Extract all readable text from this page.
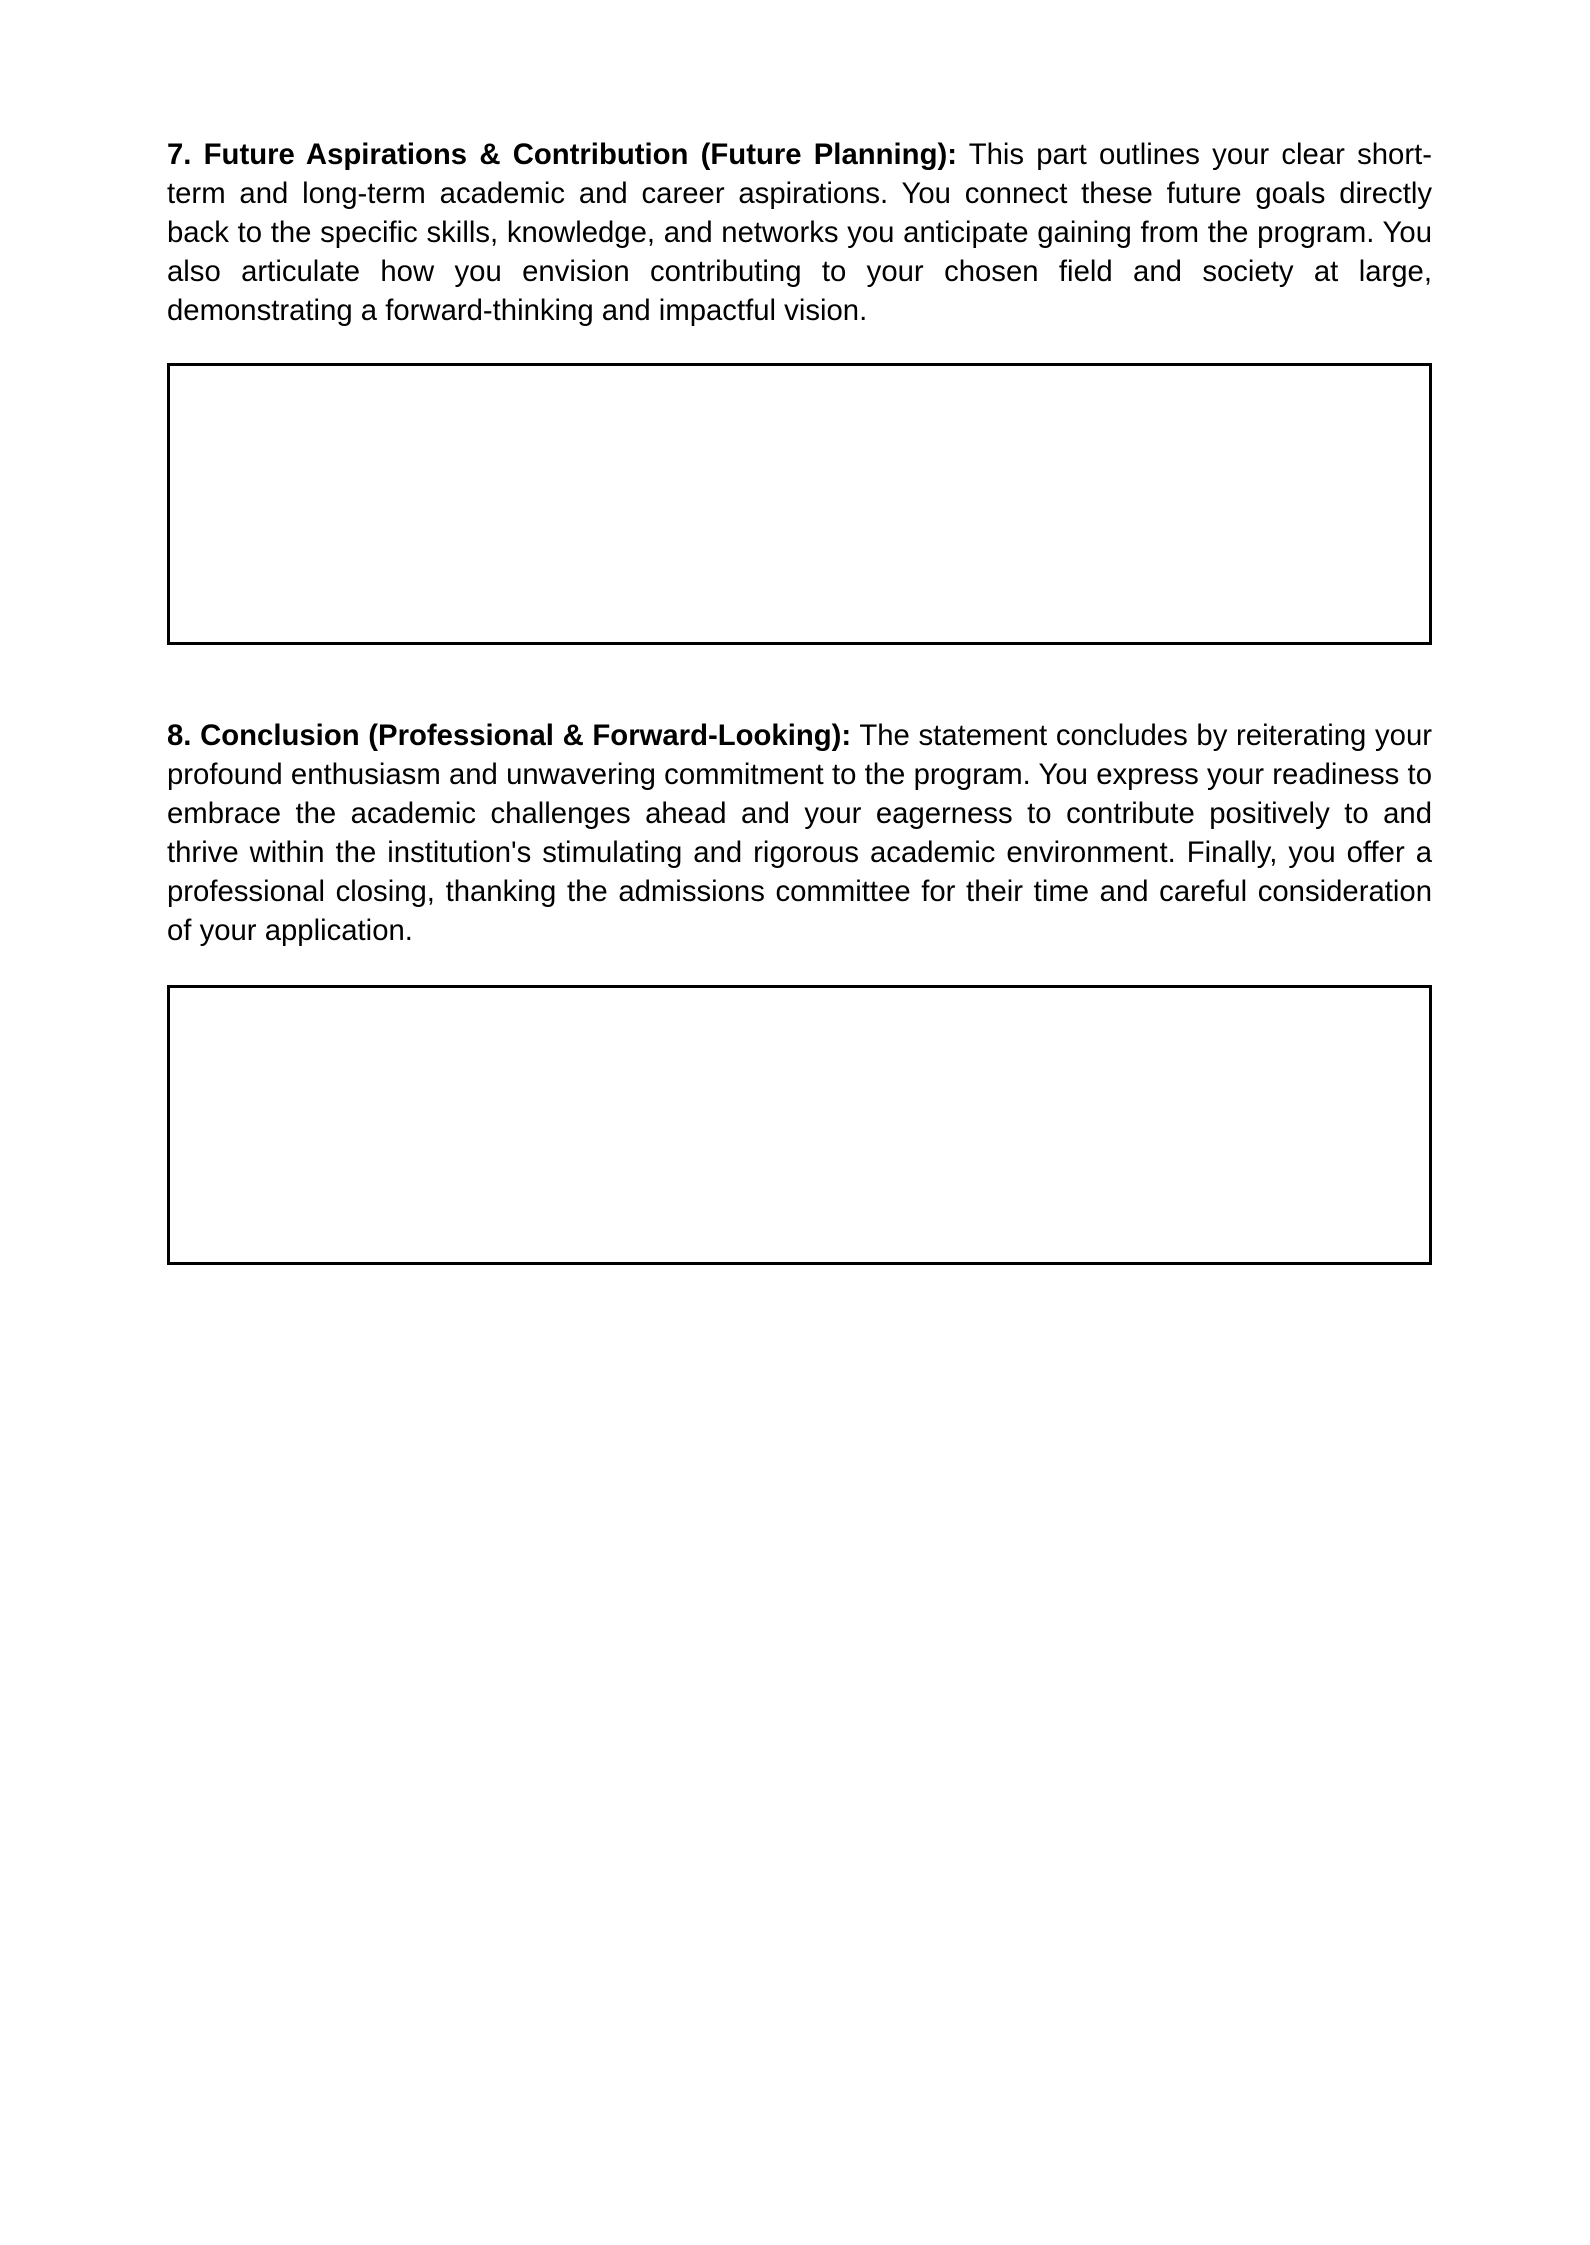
7. Future Aspirations & Contribution (Future Planning): This part outlines your clear short-term and long-term academic and career aspirations. You connect these future goals directly back to the specific skills, knowledge, and networks you anticipate gaining from the program. You also articulate how you envision contributing to your chosen field and society at large, demonstrating a forward-thinking and impactful vision.

8. Conclusion (Professional & Forward-Looking): The statement concludes by reiterating your profound enthusiasm and unwavering commitment to the program. You express your readiness to embrace the academic challenges ahead and your eagerness to contribute positively to and thrive within the institution's stimulating and rigorous academic environment. Finally, you offer a professional closing, thanking the admissions committee for their time and careful consideration of your application.
